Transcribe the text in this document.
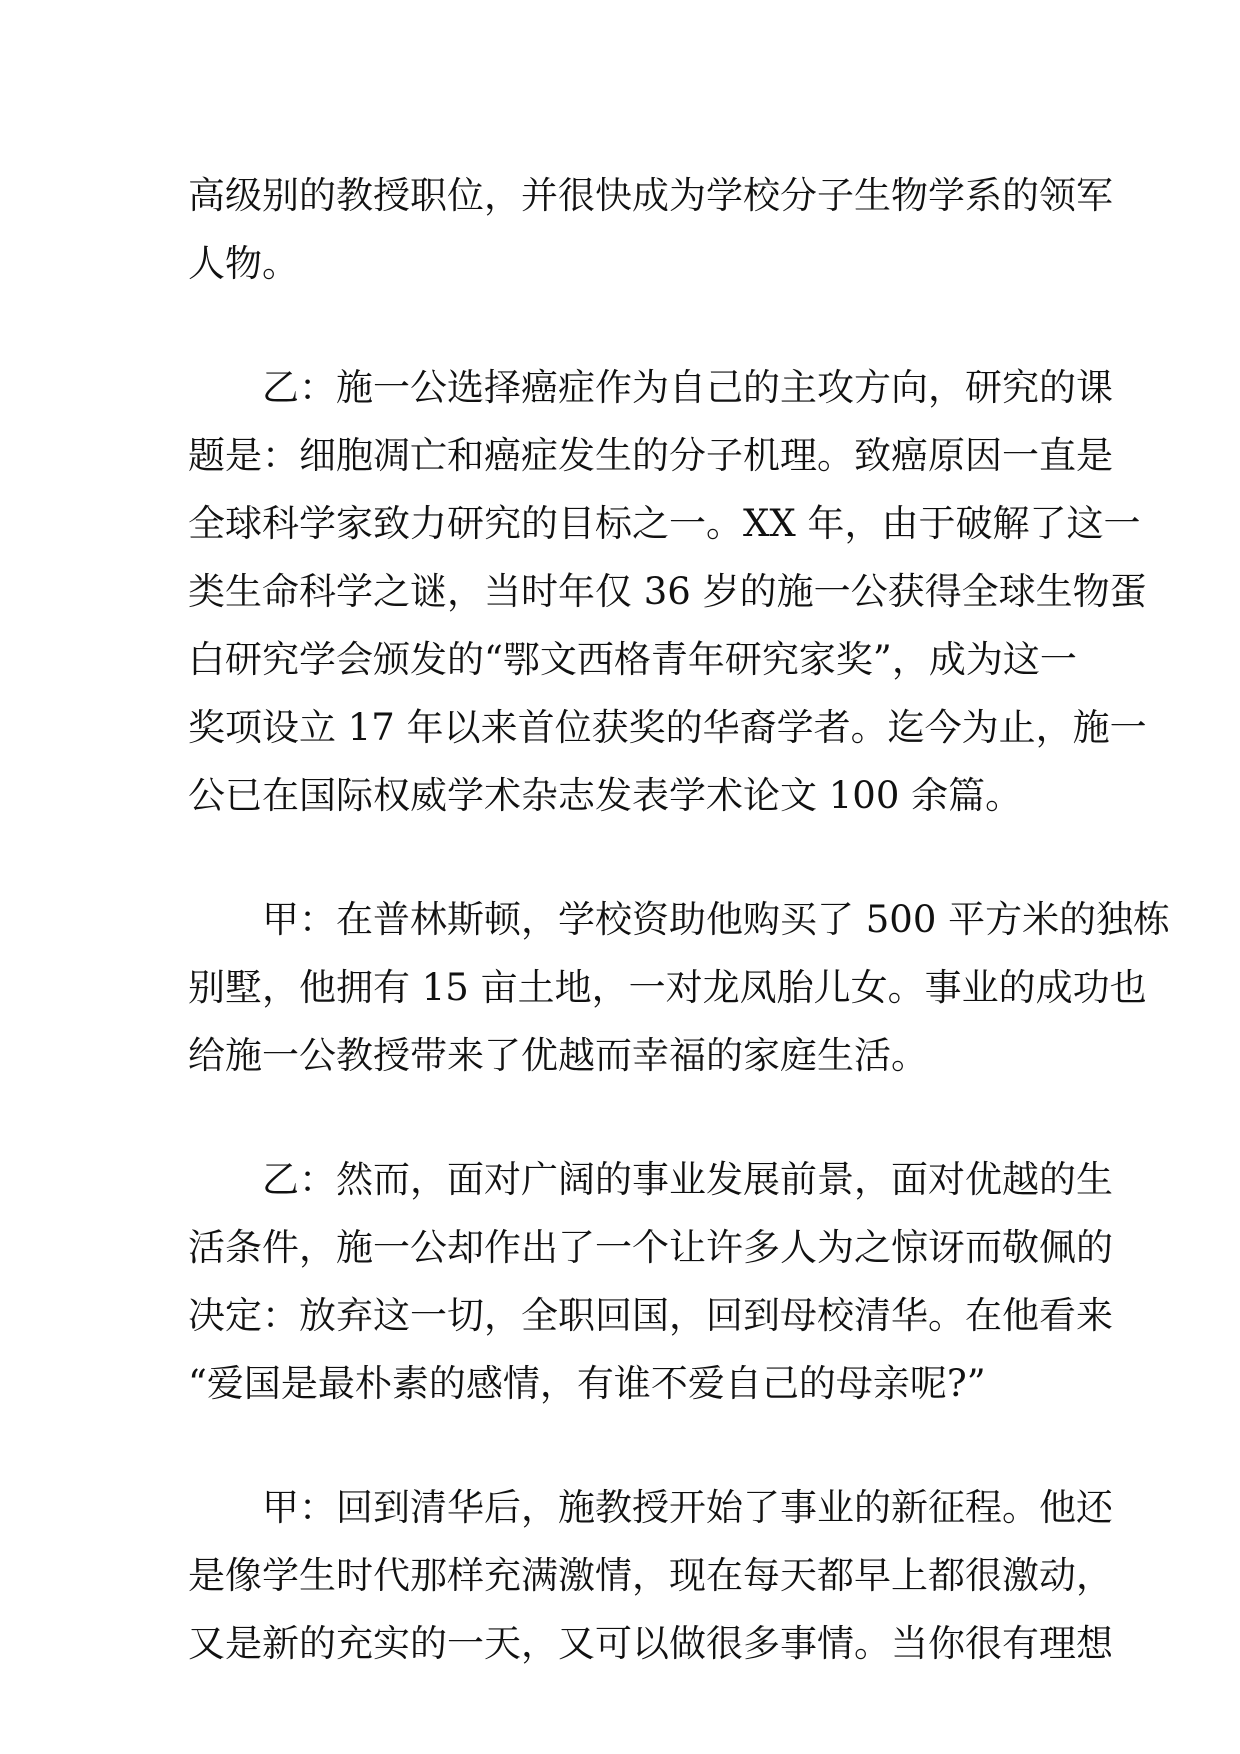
高级别的教授职位，并很快成为学校分子生物学系的领军
人物。
乙：施一公选择癌症作为自己的主攻方向，研究的课
题是：细胞凋亡和癌症发生的分子机理。致癌原因一直是
全球科学家致力研究的目标之一。XX 年，由于破解了这一
类生命科学之谜，当时年仅 36 岁的施一公获得全球生物蛋
白研究学会颁发的“鄂文西格青年研究家奖”，成为这一
奖项设立 17 年以来首位获奖的华裔学者。迄今为止，施一
公已在国际权威学术杂志发表学术论文 100 余篇。
甲：在普林斯顿，学校资助他购买了 500 平方米的独栋
别墅，他拥有 15 亩土地，一对龙凤胎儿女。事业的成功也
给施一公教授带来了优越而幸福的家庭生活。
乙：然而，面对广阔的事业发展前景，面对优越的生
活条件，施一公却作出了一个让许多人为之惊讶而敬佩的
决定：放弃这一切，全职回国，回到母校清华。在他看来
“爱国是最朴素的感情，有谁不爱自己的母亲呢?”
甲：回到清华后，施教授开始了事业的新征程。他还
是像学生时代那样充满激情，现在每天都早上都很激动，
又是新的充实的一天，又可以做很多事情。当你很有理想
